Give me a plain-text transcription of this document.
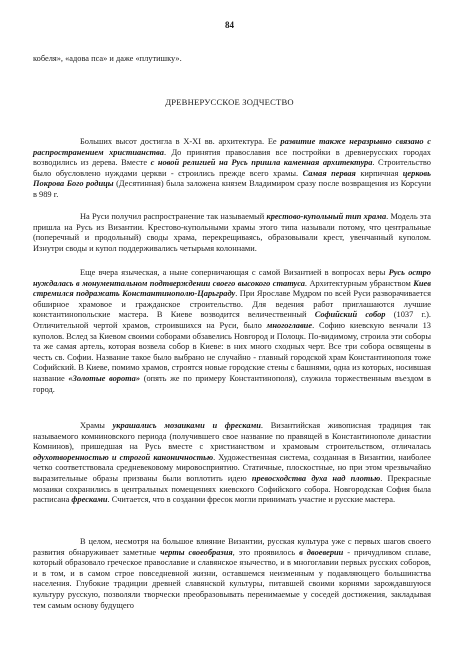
84
кобеля», «адова пса» и даже «плутишку».
ДРЕВНЕРУССКОЕ ЗОДЧЕСТВО
Больших высот достигла в X-XI вв. архитектура. Ее развитие также неразрывно связано с распространением христианства. До принятия православия все постройки в древнерусских городах возводились из дерева. Вместе с новой религией на Русь пришла каменная архитектура. Строительство было обусловлено нуждами церкви - строились прежде всего храмы. Самая первая кирпичная церковь Покрова Бого родицы (Десятинная) была заложена князем Владимиром сразу после возвращения из Корсуни в 989 г.
На Руси получил распространение так называемый крестово-купольный тип храма. Модель эта пришла на Русь из Византии. Крестово-купольными храмы этого типа называли потому, что центральные (поперечный и продольный) своды храма, перекрещиваясь, образовывали крест, увенчанный куполом. Изнутри своды и купол поддерживались четырьмя колоннами.
Еще вчера языческая, а ныне соперничающая с самой Византией в вопросах веры Русь остро нуждалась в монументальном подтверждении своего высокого статуса. Архитектурным убранством Киев стремился подражать Константинополю-Царьграду. При Ярославе Мудром по всей Руси разворачивается обширное храмовое и гражданское строительство. Для ведения работ приглашаются лучшие константинопольские мастера. В Киеве возводится величественный Софийский собор (1037 г.). Отличительной чертой храмов, строившихся на Руси, было многоглавие. Софию киевскую венчали 13 куполов. Вслед за Киевом своими соборами обзавелись Новгород и Полоцк. По-видимому, строила эти соборы та же самая артель, которая возвела собор в Киеве: в них много сходных черт. Все три собора освящены в честь св. Софии. Название такое было выбрано не случайно - главный городской храм Константинополя тоже Софийский. В Киеве, помимо храмов, строятся новые городские стены с башнями, одна из которых, носившая название «Золотые ворота» (опять же по примеру Константинополя), служила торжественным въездом в город.
Храмы украшались мозаиками и фресками. Византийская живописная традиция так называемого комниновского периода (получившего свое название по правящей в Константинополе династии Комнинов), пришедшая на Русь вместе с христианством и храмовым строительством, отличалась одухотворенностью и строгой каноничностью. Художественная система, созданная в Византии, наиболее четко соответствовала средневековому мировосприятию. Статичные, плоскостные, но при этом чрезвычайно выразительные образы призваны были воплотить идею превосходства духа над плотью. Прекрасные мозаики сохранились в центральных помещениях киевского Софийского собора. Новгородская София была расписана фресками. Считается, что в создании фресок могли принимать участие и русские мастера.
В целом, несмотря на большое влияние Византии, русская культура уже с первых шагов своего развития обнаруживает заметные черты своеобразия, это проявилось в двоеверии - причудливом сплаве, который образовало греческое православие и славянское язычество, и в многоглавии первых русских соборов, и в том, и в самом строе повседневной жизни, оставшемся неизменным у подавляющего большинства населения. Глубокие традиции древней славянской культуры, питавшей своими корнями зарождавшуюся культуру русскую, позволяли творчески преобразовывать перенимаемые у соседей достижения, закладывая тем самым основу будущего
